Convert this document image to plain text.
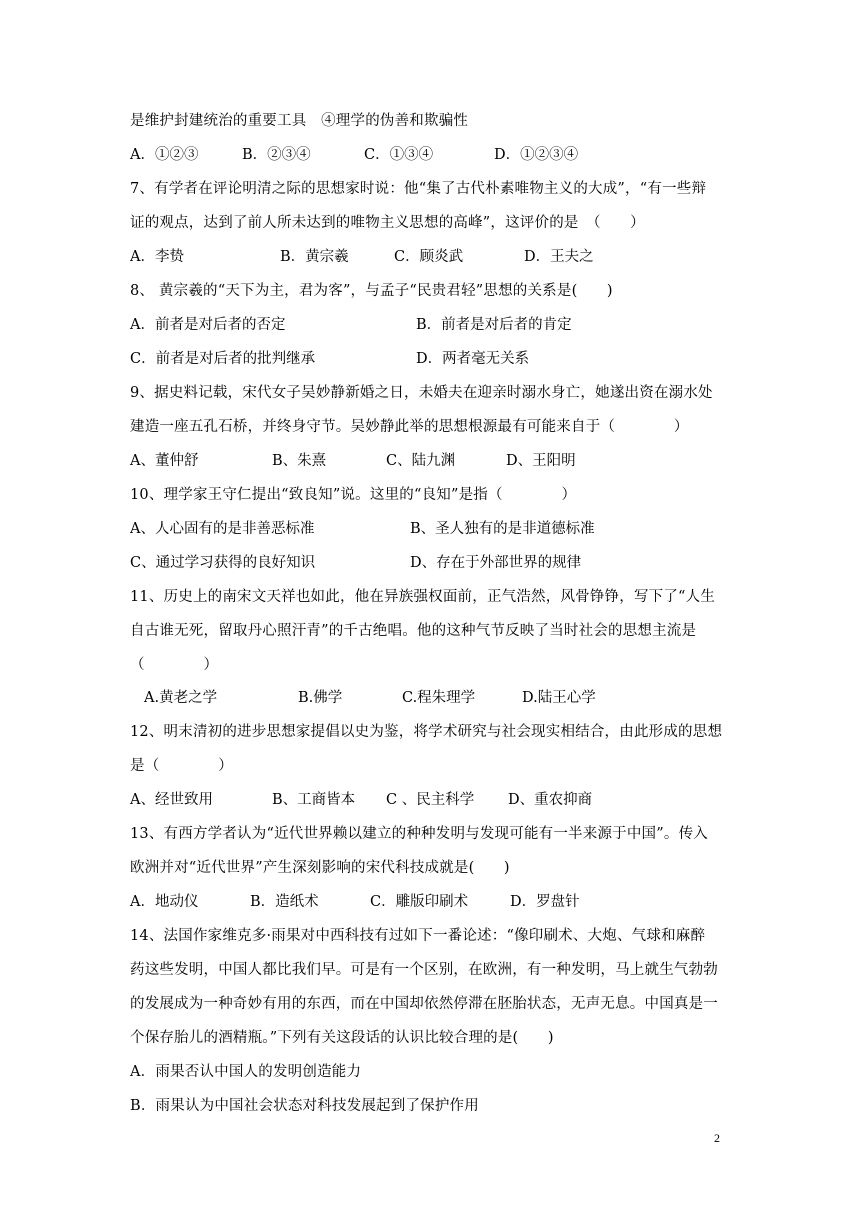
是维护封建统治的重要工具　④理学的伪善和欺骗性

A．①②③

	B．②③④

	C．①③④

	D．①②③④

7、有学者在评论明清之际的思想家时说：他“集了古代朴素唯物主义的大成”，“有一些辩
证的观点，达到了前人所未达到的唯物主义思想的高峰”，这评价的是　（　　）

A．李贽

	B．黄宗羲

	C．顾炎武

	D．王夫之

8、 黄宗羲的“天下为主，君为客”，与孟子“民贵君轻”思想的关系是(　　)

A．前者是对后者的否定

	B．前者是对后者的肯定

C．前者是对后者的批判继承

	D．两者毫无关系

9、据史料记载，宋代女子吴妙静新婚之日，未婚夫在迎亲时溺水身亡，她遂出资在溺水处
建造一座五孔石桥，并终身守节。吴妙静此举的思想根源最有可能来自于（　　　　）

A、董仲舒

	B、朱熹

	C、陆九渊

	D、王阳明

10、理学家王守仁提出“致良知”说。这里的“良知”是指（　　　　）

A、人心固有的是非善恶标准

	B、圣人独有的是非道德标准

C、通过学习获得的良好知识

	D、存在于外部世界的规律

11、历史上的南宋文天祥也如此，他在异族强权面前，正气浩然，风骨铮铮，写下了“人生
自古谁无死，留取丹心照汗青”的千古绝唱。他的这种气节反映了当时社会的思想主流是
（　　　　）

A.黄老之学

	B.佛学

	C.程朱理学

	D.陆王心学

12、明末清初的进步思想家提倡以史为鉴，将学术研究与社会现实相结合，由此形成的思想
是（　　　　）

A、经世致用

	B、工商皆本

C 、民主科学

D、重农抑商

13、有西方学者认为“近代世界赖以建立的种种发明与发现可能有一半来源于中国”。传入
欧洲并对“近代世界”产生深刻影响的宋代科技成就是(　　)

A．地动仪

	B．造纸术

	C．雕版印刷术

	D．罗盘针

14、法国作家维克多·雨果对中西科技有过如下一番论述：“像印刷术、大炮、气球和麻醉
药这些发明，中国人都比我们早。可是有一个区别，在欧洲，有一种发明，马上就生气勃勃
的发展成为一种奇妙有用的东西，而在中国却依然停滞在胚胎状态，无声无息。中国真是一
个保存胎儿的酒精瓶。”下列有关这段话的认识比较合理的是(　　)
A．雨果否认中国人的发明创造能力
B．雨果认为中国社会状态对科技发展起到了保护作用
2
